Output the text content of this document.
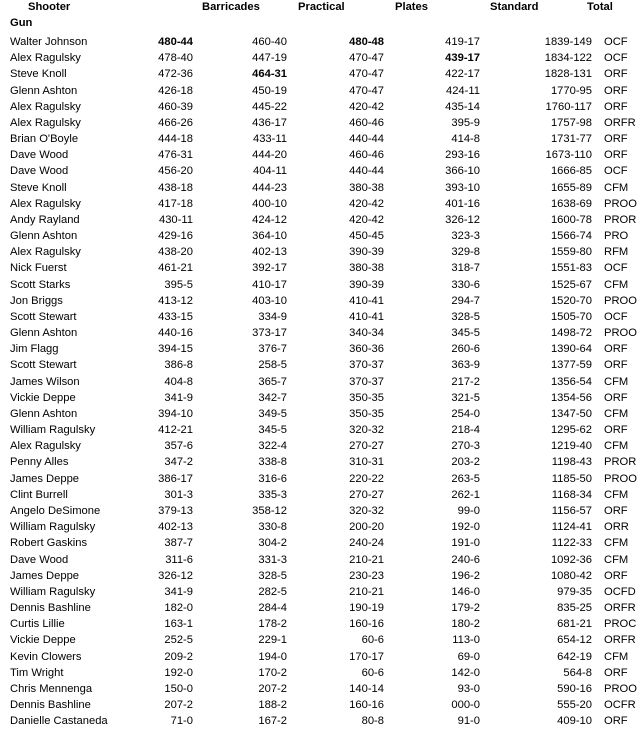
Shooter
Gun
Barricades	Practical	Plates	Standard	Total
Walter Johnson	480-44	460-40	480-48	419-17	1839-149 OCF
Alex Ragulsky	478-40	447-19	470-47	439-17	1834-122 OCF
Steve Knoll	472-36	464-31	470-47	422-17	1828-131 ORF
Glenn Ashton	426-18	450-19	470-47	424-11	1770-95 ORF
Alex Ragulsky	460-39	445-22	420-42	435-14	1760-117 ORF
Alex Ragulsky	466-26	436-17	460-46	395-9	1757-98 ORFR
Brian O'Boyle	444-18	433-11	440-44	414-8	1731-77 ORF
Dave Wood	476-31	444-20	460-46	293-16	1673-110 ORF
Dave Wood	456-20	404-11	440-44	366-10	1666-85 OCF
Steve Knoll	438-18	444-23	380-38	393-10	1655-89 CFM
Alex Ragulsky	417-18	400-10	420-42	401-16	1638-69 PROO
Andy Rayland	430-11	424-12	420-42	326-12	1600-78 PROR
Glenn Ashton	429-16	364-10	450-45	323-3	1566-74 PRO
Alex Ragulsky	438-20	402-13	390-39	329-8	1559-80 RFM
Nick Fuerst	461-21	392-17	380-38	318-7	1551-83 OCF
Scott Starks	395-5	410-17	390-39	330-6	1525-67 CFM
Jon Briggs	413-12	403-10	410-41	294-7	1520-70 PROO
Scott Stewart	433-15	334-9	410-41	328-5	1505-70 OCF
Glenn Ashton	440-16	373-17	340-34	345-5	1498-72 PROO
Jim Flagg	394-15	376-7	360-36	260-6	1390-64 ORF
Scott Stewart	386-8	258-5	370-37	363-9	1377-59 ORF
James Wilson	404-8	365-7	370-37	217-2	1356-54 CFM
Vickie Deppe	341-9	342-7	350-35	321-5	1354-56 ORF
Glenn Ashton	394-10	349-5	350-35	254-0	1347-50 CFM
William Ragulsky	412-21	345-5	320-32	218-4	1295-62 ORF
Alex Ragulsky	357-6	322-4	270-27	270-3	1219-40 CFM
Penny Alles	347-2	338-8	310-31	203-2	1198-43 PROR
James Deppe	386-17	316-6	220-22	263-5	1185-50 PROO
Clint Burrell	301-3	335-3	270-27	262-1	1168-34 CFM
Angelo DeSimone	379-13	358-12	320-32	99-0	1156-57 ORF
William Ragulsky	402-13	330-8	200-20	192-0	1124-41 ORR
Robert Gaskins	387-7	304-2	240-24	191-0	1122-33 CFM
Dave Wood	311-6	331-3	210-21	240-6	1092-36 CFM
James Deppe	326-12	328-5	230-23	196-2	1080-42 ORF
William Ragulsky	341-9	282-5	210-21	146-0	979-35 OCFD
Dennis Bashline	182-0	284-4	190-19	179-2	835-25 ORFR
Curtis Lillie	163-1	178-2	160-16	180-2	681-21 PROC
Vickie Deppe	252-5	229-1	60-6	113-0	654-12 ORFR
Kevin Clowers	209-2	194-0	170-17	69-0	642-19 CFM
Tim Wright	192-0	170-2	60-6	142-0	564-8 ORF
Chris Mennenga	150-0	207-2	140-14	93-0	590-16 PROO
Dennis Bashline	207-2	188-2	160-16	000-0	555-20 OCFR
Danielle Castaneda	71-0	167-2	80-8	91-0	409-10 ORF
